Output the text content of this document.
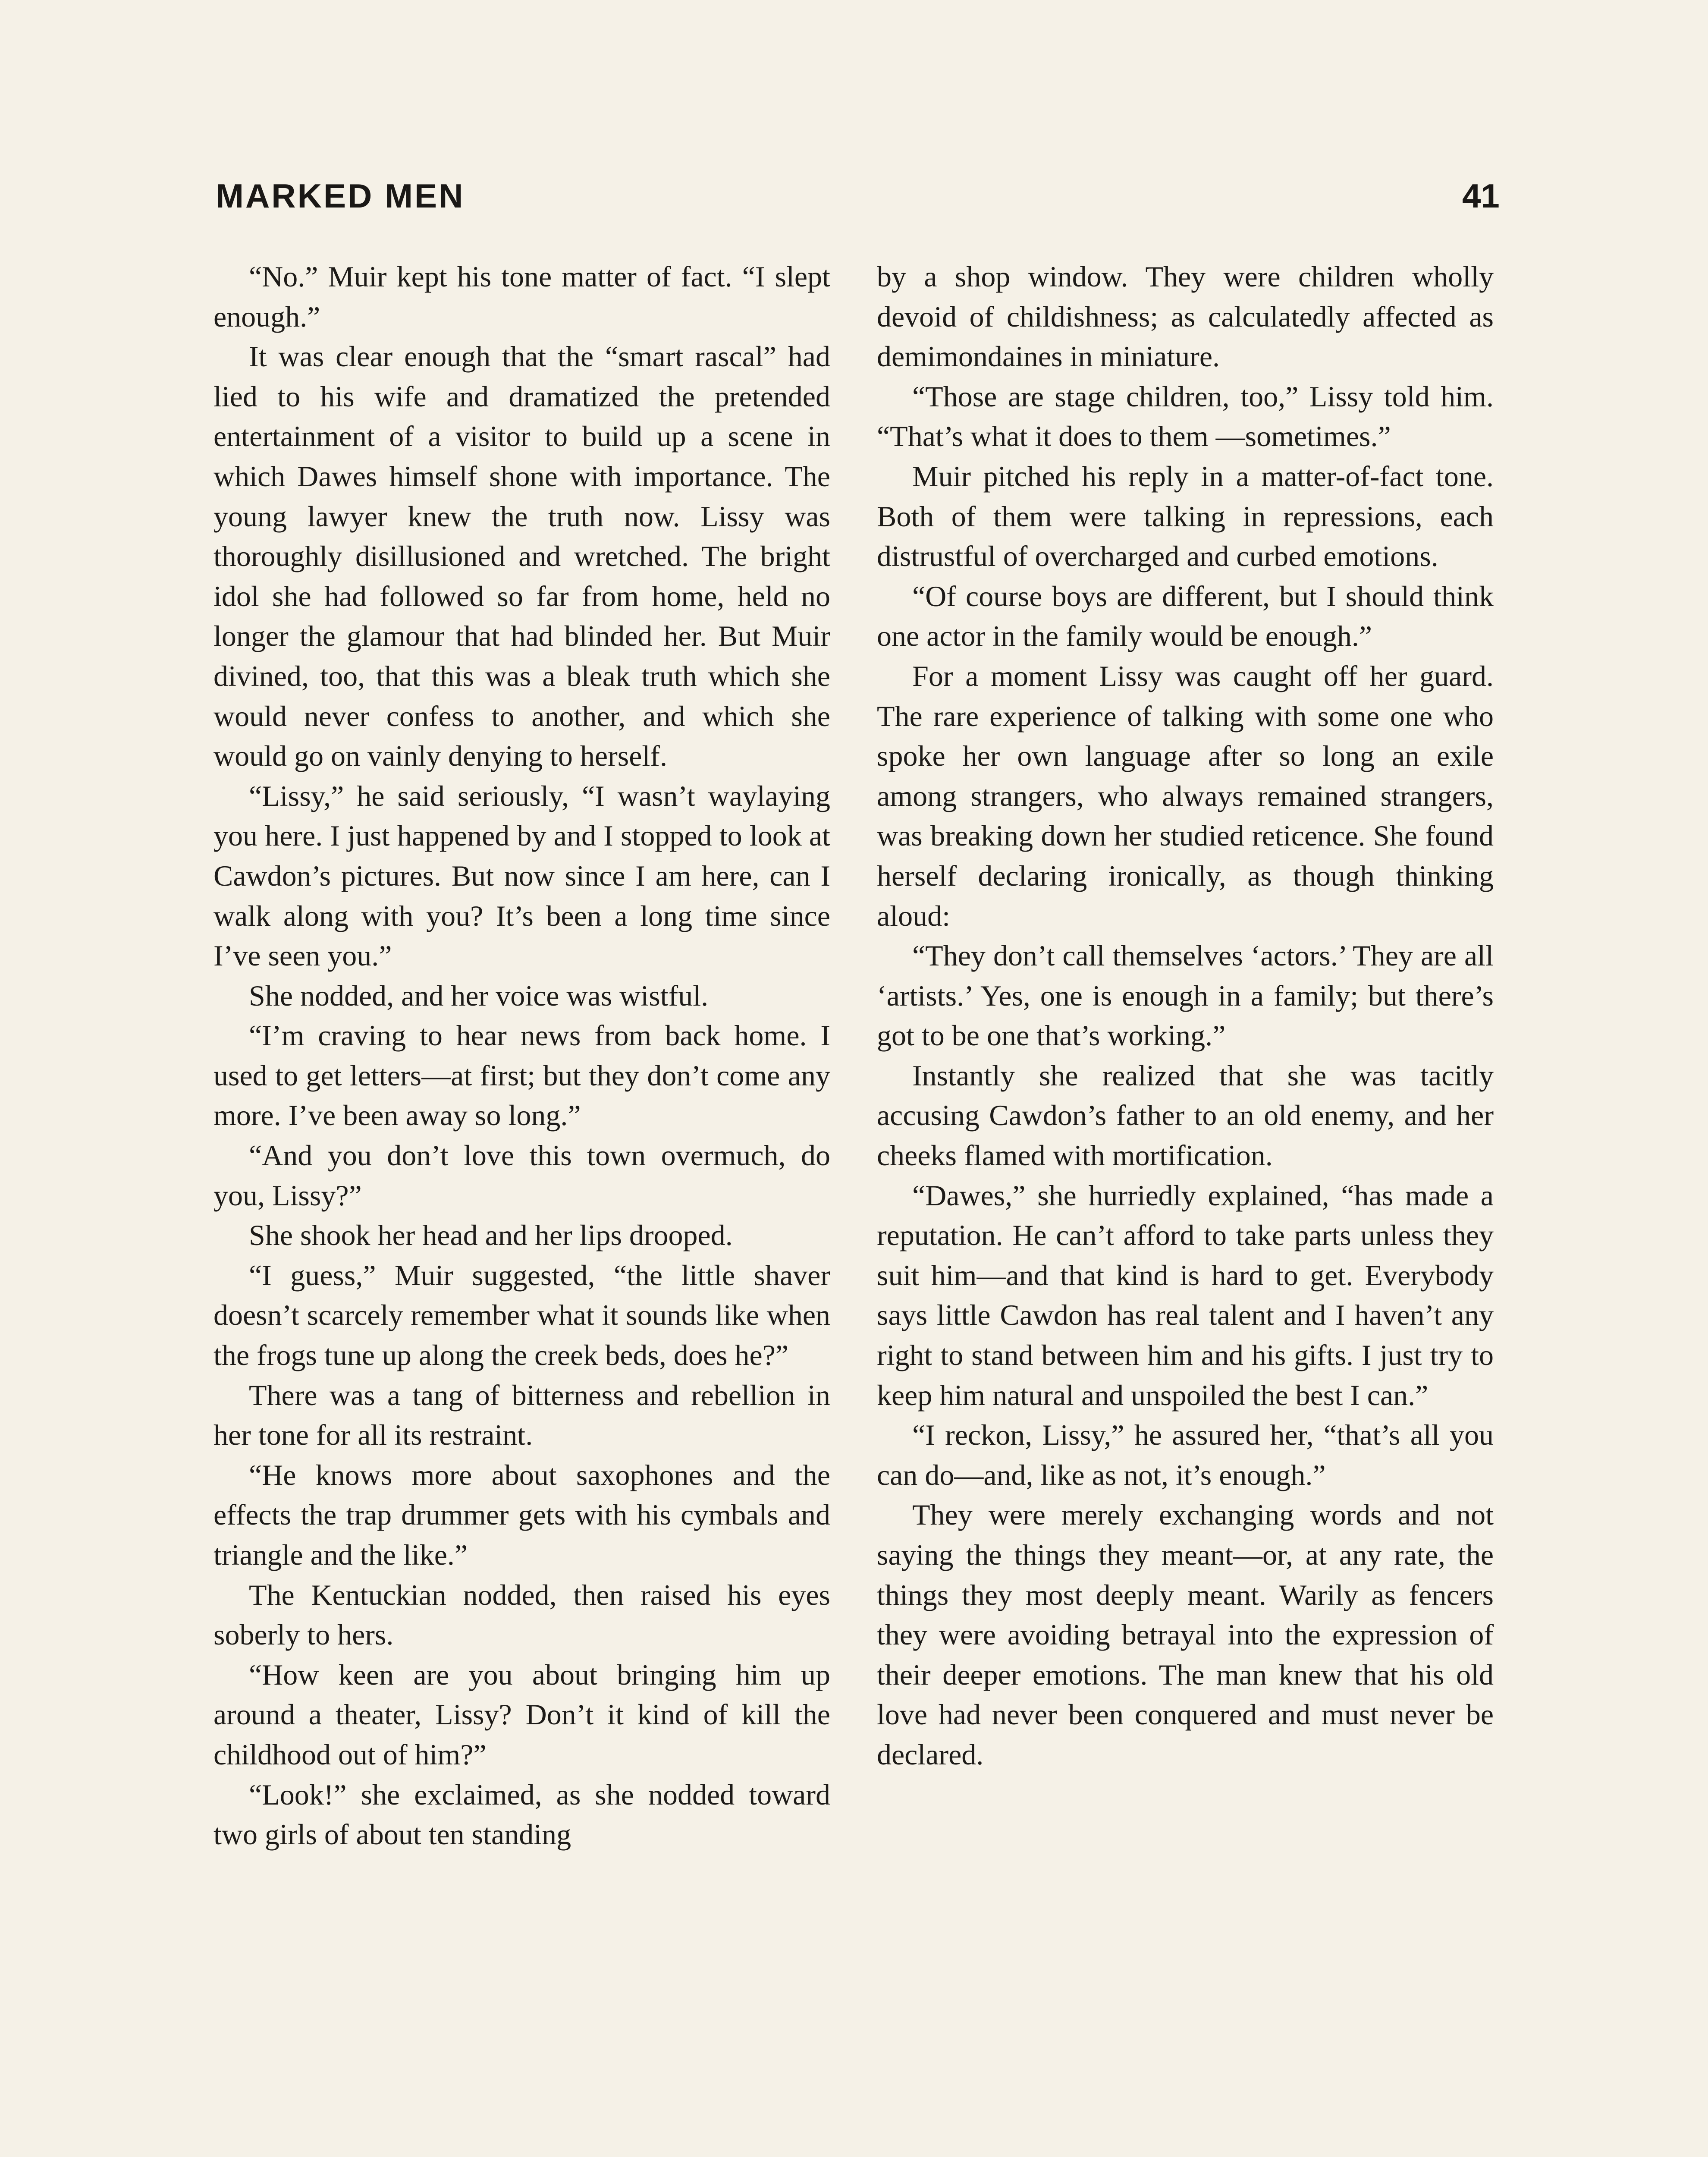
MARKED MEN	41

“No.” Muir kept his tone matter of fact. “I slept enough.”

It was clear enough that the “smart rascal” had lied to his wife and dramatized the pretended entertainment of a visitor to build up a scene in which Dawes himself shone with importance. The young lawyer knew the truth now. Lissy was thoroughly disillusioned and wretched. The bright idol she had followed so far from home, held no longer the glamour that had blinded her. But Muir divined, too, that this was a bleak truth which she would never confess to another, and which she would go on vainly denying to herself.

“Lissy,” he said seriously, “I wasn’t waylaying you here. I just happened by and I stopped to look at Cawdon’s pictures. But now since I am here, can I walk along with you? It’s been a long time since I’ve seen you.”

She nodded, and her voice was wistful.

“I’m craving to hear news from back home. I used to get letters—at first; but they don’t come any more. I’ve been away so long.”

“And you don’t love this town overmuch, do you, Lissy?”

She shook her head and her lips drooped.

“I guess,” Muir suggested, “the little shaver doesn’t scarcely remember what it sounds like when the frogs tune up along the creek beds, does he?”

There was a tang of bitterness and rebellion in her tone for all its restraint.

“He knows more about saxophones and the effects the trap drummer gets with his cymbals and triangle and the like.”

The Kentuckian nodded, then raised his eyes soberly to hers.

“How keen are you about bringing him up around a theater, Lissy? Don’t it kind of kill the childhood out of him?”

“Look!” she exclaimed, as she nodded toward two girls of about ten standing

by a shop window. They were children wholly devoid of childishness; as calculatedly affected as demimondaines in miniature.

“Those are stage children, too,” Lissy told him. “That’s what it does to them —sometimes.”

Muir pitched his reply in a matter-of-fact tone. Both of them were talking in repressions, each distrustful of overcharged and curbed emotions.

“Of course boys are different, but I should think one actor in the family would be enough.”

For a moment Lissy was caught off her guard. The rare experience of talking with some one who spoke her own language after so long an exile among strangers, who always remained strangers, was breaking down her studied reticence. She found herself declaring ironically, as though thinking aloud:

“They don’t call themselves ‘actors.’ They are all ‘artists.’ Yes, one is enough in a family; but there’s got to be one that’s working.”

Instantly she realized that she was tacitly accusing Cawdon’s father to an old enemy, and her cheeks flamed with mortification.

“Dawes,” she hurriedly explained, “has made a reputation. He can’t afford to take parts unless they suit him—and that kind is hard to get. Everybody says little Cawdon has real talent and I haven’t any right to stand between him and his gifts. I just try to keep him natural and unspoiled the best I can.”

“I reckon, Lissy,” he assured her, “that’s all you can do—and, like as not, it’s enough.”

They were merely exchanging words and not saying the things they meant—or, at any rate, the things they most deeply meant. Warily as fencers they were avoiding betrayal into the expression of their deeper emotions. The man knew that his old love had never been conquered and must never be declared.
